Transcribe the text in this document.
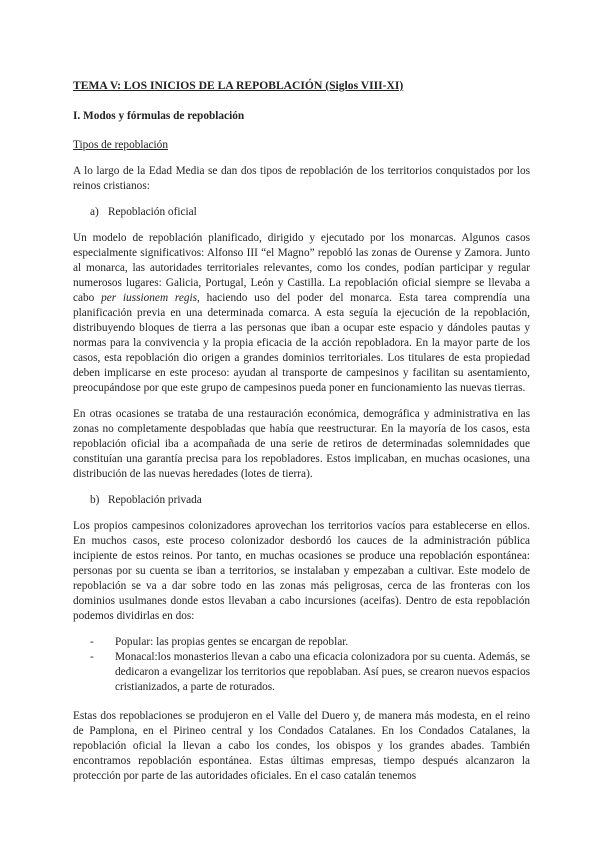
TEMA V: LOS INICIOS DE LA REPOBLACIÓN (Siglos VIII-XI)
I. Modos y fórmulas de repoblación
Tipos de repoblación

A lo largo de la Edad Media se dan dos tipos de repoblación de los territorios conquistados por los reinos cristianos:

a) Repoblación oficial

Un modelo de repoblación planificado, dirigido y ejecutado por los monarcas. Algunos casos especialmente significativos: Alfonso III “el Magno” repobló las zonas de Ourense y Zamora. Junto al monarca, las autoridades territoriales relevantes, como los condes, podían participar y regular numerosos lugares: Galicia, Portugal, León y Castilla. La repoblación oficial siempre se llevaba a cabo per iussionem regis, haciendo uso del poder del monarca. Esta tarea comprendía una planificación previa en una determinada comarca. A esta seguía la ejecución de la repoblación, distribuyendo bloques de tierra a las personas que iban a ocupar este espacio y dándoles pautas y normas para la convivencia y la propia eficacia de la acción repobladora. En la mayor parte de los casos, esta repoblación dio origen a grandes dominios territoriales. Los titulares de esta propiedad deben implicarse en este proceso: ayudan al transporte de campesinos y facilitan su asentamiento, preocupándose por que este grupo de campesinos pueda poner en funcionamiento las nuevas tierras.

En otras ocasiones se trataba de una restauración económica, demográfica y administrativa en las zonas no completamente despobladas que había que reestructurar. En la mayoría de los casos, esta repoblación oficial iba a acompañada de una serie de retiros de determinadas solemnidades que constituían una garantía precisa para los repobladores. Estos implicaban, en muchas ocasiones, una distribución de las nuevas heredades (lotes de tierra).

b) Repoblación privada

Los propios campesinos colonizadores aprovechan los territorios vacíos para establecerse en ellos. En muchos casos, este proceso colonizador desbordó los cauces de la administración pública incipiente de estos reinos. Por tanto, en muchas ocasiones se produce una repoblación espontánea: personas por su cuenta se iban a territorios, se instalaban y empezaban a cultivar. Este modelo de repoblación se va a dar sobre todo en las zonas más peligrosas, cerca de las fronteras con los dominios usulmanes donde estos llevaban a cabo incursiones (aceifas). Dentro de esta repoblación podemos dividirlas en dos:

-	Popular: las propias gentes se encargan de repoblar.
-	Monacal:los monasterios llevan a cabo una eficacia colonizadora por su cuenta. Además, se dedicaron a evangelizar los territorios que repoblaban. Así pues, se crearon nuevos espacios cristianizados, a parte de roturados.

Estas dos repoblaciones se produjeron en el Valle del Duero y, de manera más modesta, en el reino de Pamplona, en el Pirineo central y los Condados Catalanes. En los Condados Catalanes, la repoblación oficial la llevan a cabo los condes, los obispos y los grandes abades. También encontramos repoblación espontánea. Estas últimas empresas, tiempo después alcanzaron la protección por parte de las autoridades oficiales. En el caso catalán tenemos
